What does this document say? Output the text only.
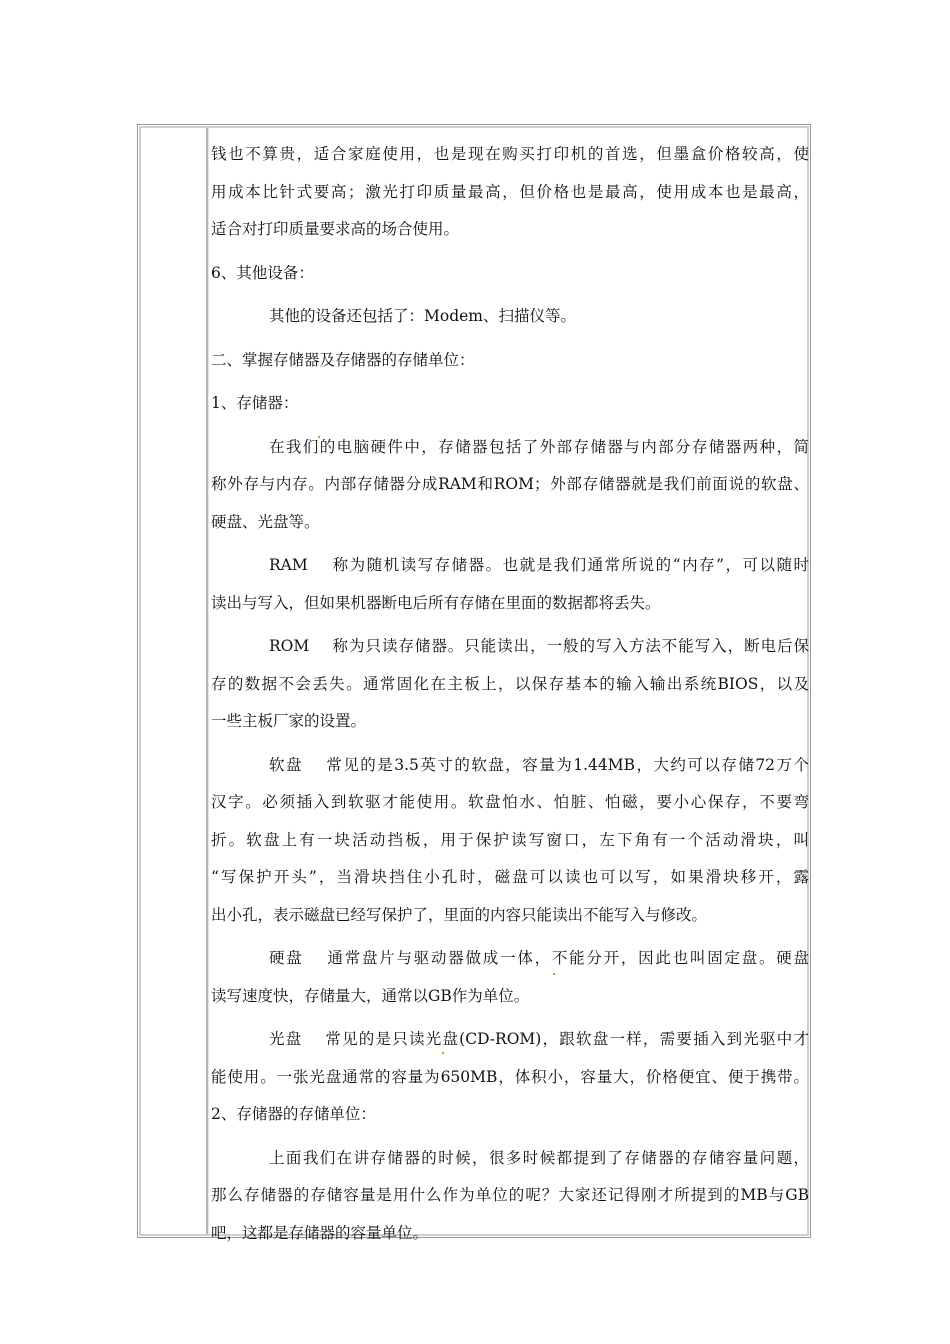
钱也不算贵，适合家庭使用，也是现在购买打印机的首选，但墨盒价格较高，使
用成本比针式要高；激光打印质量最高，但价格也是最高，使用成本也是最高，
适合对打印质量要求高的场合使用。
6、其他设备：
其他的设备还包括了：Modem、扫描仪等。
二、掌握存储器及存储器的存储单位：
1、存储器：
在我们的电脑硬件中，存储器包括了外部存储器与内部分存储器两种，简
称外存与内存。内部存储器分成RAM和ROM；外部存储器就是我们前面说的软盘、
硬盘、光盘等。
RAM　 称为随机读写存储器。也就是我们通常所说的“内存”，可以随时
读出与写入，但如果机器断电后所有存储在里面的数据都将丢失。
ROM　 称为只读存储器。只能读出，一般的写入方法不能写入，断电后保
存的数据不会丢失。通常固化在主板上，以保存基本的输入输出系统BIOS，以及
一些主板厂家的设置。
软盘　 常见的是3.5英寸的软盘，容量为1.44MB，大约可以存储72万个
汉字。必须插入到软驱才能使用。软盘怕水、怕脏、怕磁，要小心保存，不要弯
折。软盘上有一块活动挡板，用于保护读写窗口，左下角有一个活动滑块，叫
“写保护开头”，当滑块挡住小孔时，磁盘可以读也可以写，如果滑块移开，露
出小孔，表示磁盘已经写保护了，里面的内容只能读出不能写入与修改。
硬盘　 通常盘片与驱动器做成一体，不能分开，因此也叫固定盘。硬盘
读写速度快，存储量大，通常以GB作为单位。
光盘　 常见的是只读光盘(CD-ROM)，跟软盘一样，需要插入到光驱中才
能使用。一张光盘通常的容量为650MB，体积小，容量大，价格便宜、便于携带。
2、存储器的存储单位：
上面我们在讲存储器的时候，很多时候都提到了存储器的存储容量问题，
那么存储器的存储容量是用什么作为单位的呢？大家还记得刚才所提到的MB与GB
吧，这都是存储器的容量单位。
